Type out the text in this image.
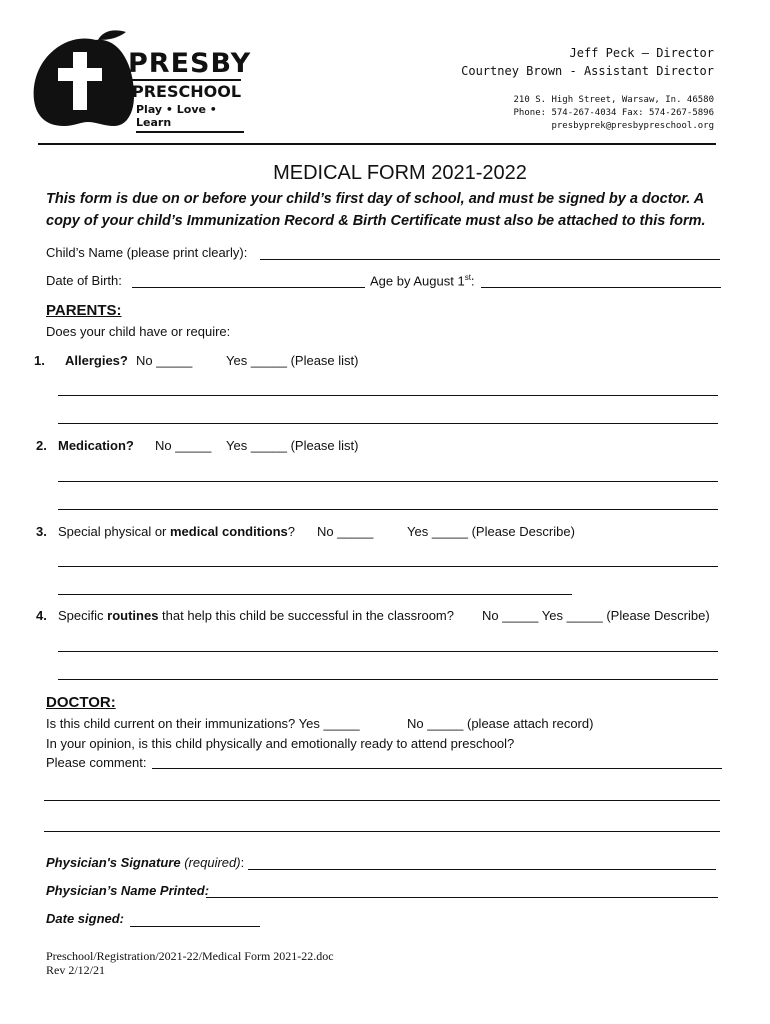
PRESBY
PRESCHOOL
Play • Love • Learn
Jeff Peck – Director
Courtney Brown - Assistant Director
210 S. High Street, Warsaw, In. 46580
Phone: 574-267-4034 Fax: 574-267-5896
presbyprek@presbypreschool.org
MEDICAL FORM 2021-2022
This form is due on or before your child’s first day of school, and must be signed by a doctor. A copy of your child’s Immunization Record & Birth Certificate must also be attached to this form.
Child’s Name (please print clearly):
Date of Birth:	Age by August 1st:
PARENTS:
Does your child have or require:
1. Allergies? No _____	Yes _____ (Please list)
2. Medication? No _____ Yes _____ (Please list)
3. Special physical or medical conditions? No _____	Yes _____ (Please Describe)
4. Specific routines that help this child be successful in the classroom? No _____ Yes _____ (Please Describe)
DOCTOR:
Is this child current on their immunizations? Yes _____	No _____ (please attach record)
In your opinion, is this child physically and emotionally ready to attend preschool?
Please comment:
Physician's Signature (required):
Physician’s Name Printed:
Date signed:
Preschool/Registration/2021-22/Medical Form 2021-22.doc
Rev 2/12/21
